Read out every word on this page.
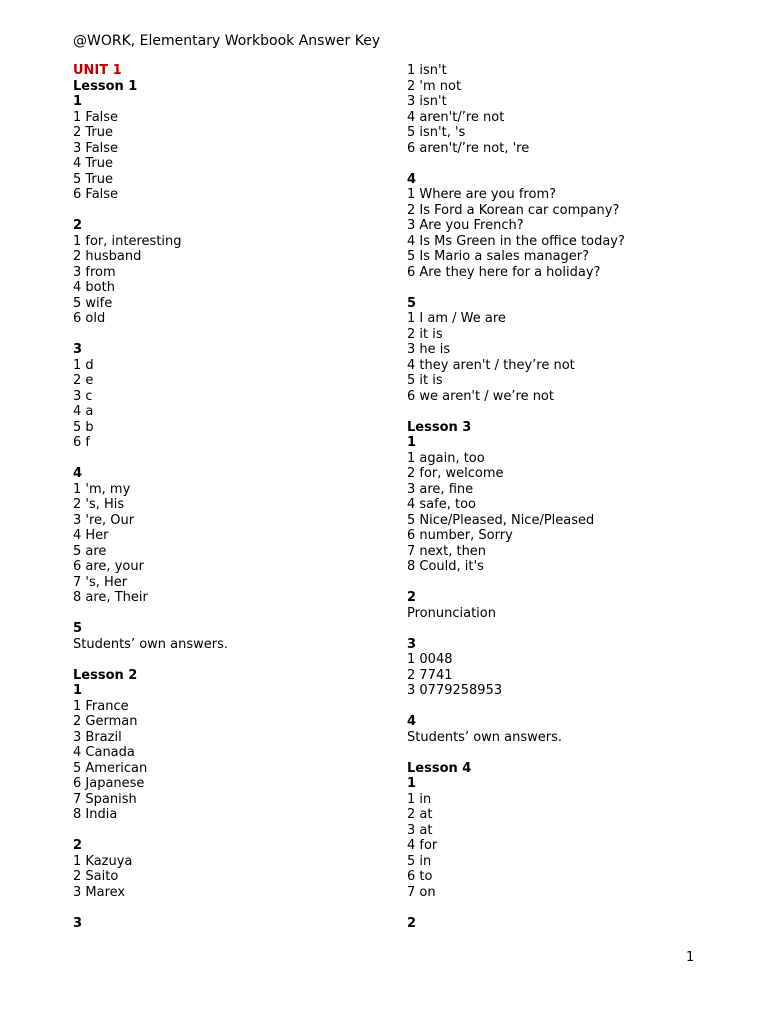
@WORK, Elementary Workbook Answer Key
UNIT 1
Lesson 1
1
1 False
2 True
3 False
4 True
5 True
6 False
2
1 for, interesting
2 husband
3 from
4 both
5 wife
6 old
3
1 d
2 e
3 c
4 a
5 b
6 f
4
1 'm, my
2 's, His
3 're, Our
4 Her
5 are
6 are, your
7 's, Her
8 are, Their
5
Students’ own answers.
Lesson 2
1
1 France
2 German
3 Brazil
4 Canada
5 American
6 Japanese
7 Spanish
8 India
2
1 Kazuya
2 Saito
3 Marex
3
1 isn't
2 'm not
3 isn't
4 aren't/’re not
5 isn't, 's
6 aren't/’re not, 're
4
1 Where are you from?
2 Is Ford a Korean car company?
3 Are you French?
4 Is Ms Green in the office today?
5 Is Mario a sales manager?
6 Are they here for a holiday?
5
1 I am / We are
2 it is
3 he is
4 they aren't / they’re not
5 it is
6 we aren't / we’re not
Lesson 3
1
1 again, too
2 for, welcome
3 are, fine
4 safe, too
5 Nice/Pleased, Nice/Pleased
6 number, Sorry
7 next, then
8 Could, it's
2
Pronunciation
3
1 0048
2 7741
3 0779258953
4
Students’ own answers.
Lesson 4
1
1 in
2 at
3 at
4 for
5 in
6 to
7 on
2
1
